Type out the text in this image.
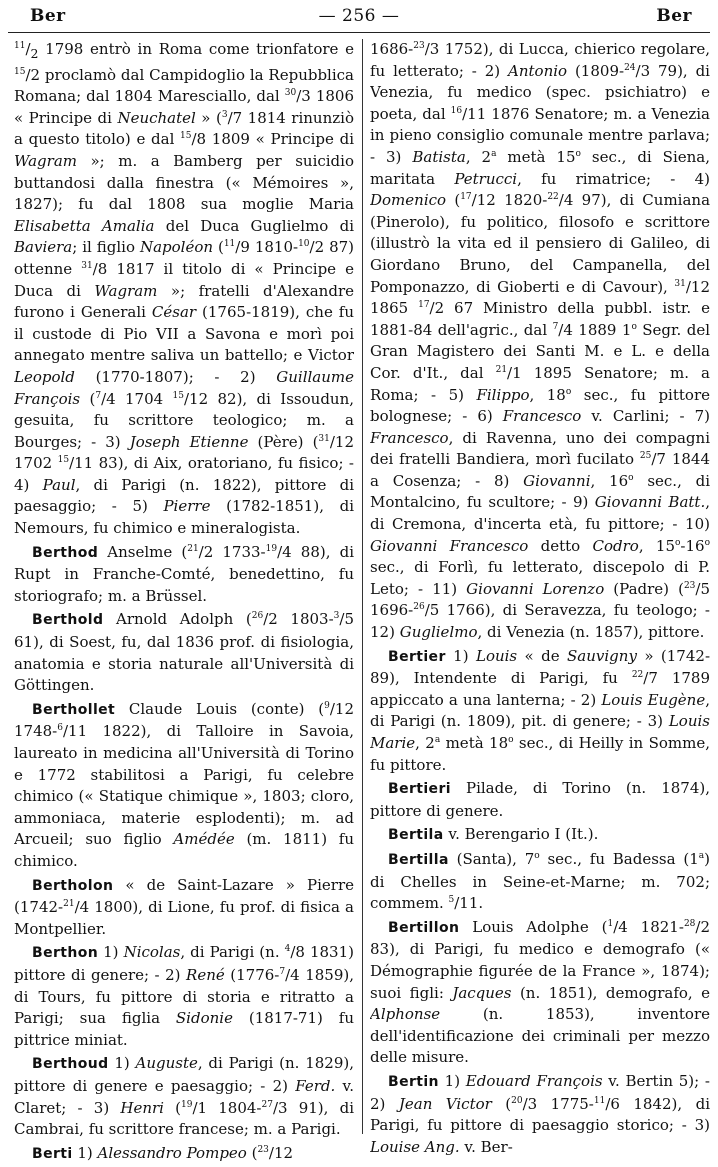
Ber	— 256 —	Ber

$^{11}/_2$ 1798 entrò in Roma come trionfatore e $^{15}$/2 proclamò dal Campidoglio la Repubblica Romana; dal 1804 Maresciallo, dal $^{30}$/3 1806 « Principe di Neuchatel » ($^3$/7 1814 rinunziò a questo titolo) e dal $^{15}$/8 1809 « Principe di Wagram »; m. a Bamberg per suicidio buttandosi dalla finestra (« Mémoires », 1827); fu dal 1808 sua moglie Maria Elisabetta Amalia del Duca Guglielmo di Baviera; il figlio Napoléon ($^{11}$/9 1810-$^{10}$/2 87) ottenne $^{31}$/8 1817 il titolo di « Principe e Duca di Wagram »; fratelli d'Alexandre furono i Generali César (1765-1819), che fu il custode di Pio VII a Savona e morì poi annegato mentre saliva un battello; e Victor Leopold (1770-1807); - 2) Guillaume François ($^7$/4 1704 $^{15}$/12 82), di Issoudun, gesuita, fu scrittore teologico; m. a Bourges; - 3) Joseph Etienne (Père) ($^{31}$/12 1702 $^{15}$/11 83), di Aix, oratoriano, fu fisico; - 4) Paul, di Parigi (n. 1822), pittore di paesaggio; - 5) Pierre (1782-1851), di Nemours, fu chimico e mineralogista.

Berthod Anselme ($^{21}$/2 1733-$^{19}$/4 88), di Rupt in Franche-Comté, benedettino, fu storiografo; m. a Brüssel.

Berthold Arnold Adolph ($^{26}$/2 1803-$^3$/5 61), di Soest, fu, dal 1836 prof. di fisiologia, anatomia e storia naturale all'Università di Göttingen.

Berthollet Claude Louis (conte) ($^9$/12 1748-$^6$/11 1822), di Talloire in Savoia, laureato in medicina all'Università di Torino e 1772 stabilitosi a Parigi, fu celebre chimico (« Statique chimique », 1803; cloro, ammoniaca, materie esplodenti); m. ad Arcueil; suo figlio Amédée (m. 1811) fu chimico.

Bertholon « de Saint-Lazare » Pierre (1742-$^{21}$/4 1800), di Lione, fu prof. di fisica a Montpellier.

Berthon 1) Nicolas, di Parigi (n. $^4$/8 1831) pittore di genere; - 2) René (1776-$^7$/4 1859), di Tours, fu pittore di storia e ritratto a Parigi; sua figlia Sidonie (1817-71) fu pittrice miniat.

Berthoud 1) Auguste, di Parigi (n. 1829), pittore di genere e paesaggio; - 2) Ferd. v. Claret; - 3) Henri ($^{19}$/1 1804-$^{27}$/3 91), di Cambrai, fu scrittore francese; m. a Parigi.

Berti 1) Alessandro Pompeo ($^{23}$/12

1686-$^{23}$/3 1752), di Lucca, chierico regolare, fu letterato; - 2) Antonio (1809-$^{24}$/3 79), di Venezia, fu medico (spec. psichiatro) e poeta, dal $^{16}$/11 1876 Senatore; m. a Venezia in pieno consiglio comunale mentre parlava; - 3) Batista, 2$^a$ metà 15$^o$ sec., di Siena, maritata Petrucci, fu rimatrice; - 4) Domenico ($^{17}$/12 1820-$^{22}$/4 97), di Cumiana (Pinerolo), fu politico, filosofo e scrittore (illustrò la vita ed il pensiero di Galileo, di Giordano Bruno, del Campanella, del Pomponazzo, di Gioberti e di Cavour), $^{31}$/12 1865 $^{17}$/2 67 Ministro della pubbl. istr. e 1881-84 dell'agric., dal $^7$/4 1889 1$^o$ Segr. del Gran Magistero dei Santi M. e L. e della Cor. d'It., dal $^{21}$/1 1895 Senatore; m. a Roma; - 5) Filippo, 18$^o$ sec., fu pittore bolognese; - 6) Francesco v. Carlini; - 7) Francesco, di Ravenna, uno dei compagni dei fratelli Bandiera, morì fucilato $^{25}$/7 1844 a Cosenza; - 8) Giovanni, 16$^o$ sec., di Montalcino, fu scultore; - 9) Giovanni Batt., di Cremona, d'incerta età, fu pittore; - 10) Giovanni Francesco detto Codro, 15$^o$-16$^o$ sec., di Forlì, fu letterato, discepolo di P. Leto; - 11) Giovanni Lorenzo (Padre) ($^{23}$/5 1696-$^{26}$/5 1766), di Seravezza, fu teologo; - 12) Guglielmo, di Venezia (n. 1857), pittore.

Bertier 1) Louis « de Sauvigny » (1742-89), Intendente di Parigi, fu $^{22}$/7 1789 appiccato a una lanterna; - 2) Louis Eugène, di Parigi (n. 1809), pit. di genere; - 3) Louis Marie, 2$^a$ metà 18$^o$ sec., di Heilly in Somme, fu pittore.

Bertieri Pilade, di Torino (n. 1874), pittore di genere.

Bertila v. Berengario I (It.).

Bertilla (Santa), 7$^o$ sec., fu Badessa (1$^a$) di Chelles in Seine-et-Marne; m. 702; commem. $^5$/11.

Bertillon Louis Adolphe ($^1$/4 1821-$^{28}$/2 83), di Parigi, fu medico e demografo (« Démographie figurée de la France », 1874); suoi figli: Jacques (n. 1851), demografo, e Alphonse (n. 1853), inventore dell'identificazione dei criminali per mezzo delle misure.

Bertin 1) Edouard François v. Bertin 5); - 2) Jean Victor ($^{20}$/3 1775-$^{11}$/6 1842), di Parigi, fu pittore di paesaggio storico; - 3) Louise Ang. v. Ber-
